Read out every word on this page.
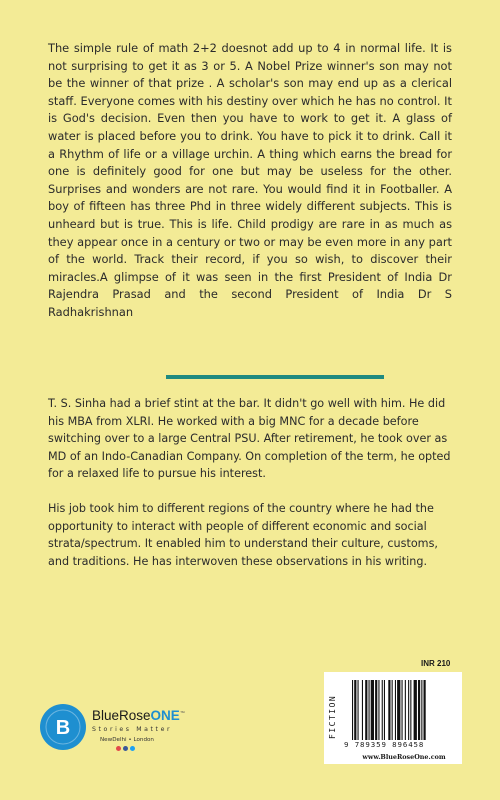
The simple rule of math 2+2 doesnot add up to 4 in normal life. It is not surprising to get it as 3 or 5. A Nobel Prize winner's son may not be the winner of that prize . A scholar's son may end up as a clerical staff. Everyone comes with his destiny over which he has no control. It is God's decision. Even then you have to work to get it. A glass of water is placed before you to drink. You have to pick it to drink. Call it a Rhythm of life or a village urchin. A thing which earns the bread for one is definitely good for one but may be useless for the other. Surprises and wonders are not rare. You would find it in Footballer. A boy of fifteen has three Phd in three widely different subjects. This is unheard but is true. This is life. Child prodigy are rare in as much as they appear once in a century or two or may be even more in any part of the world. Track their record, if you so wish, to discover their miracles.A glimpse of it was seen in the first President of India Dr Rajendra Prasad and the second President of India Dr S Radhakrishnan

T. S. Sinha had a brief stint at the bar. It didn't go well with him. He did his MBA from XLRI. He worked with a big MNC for a decade before switching over to a large Central PSU. After retirement, he took over as MD of an Indo-Canadian Company. On completion of the term, he opted for a relaxed life to pursue his interest.

His job took him to different regions of the country where he had the opportunity to interact with people of different economic and social strata/spectrum. It enabled him to understand their culture, customs, and traditions. He has interwoven these observations in his writing.

B
BlueRoseONE™
Stories Matter
NewDelhi • London
INR 210
FICTION
9 789359 896458
www.BlueRoseOne.com
